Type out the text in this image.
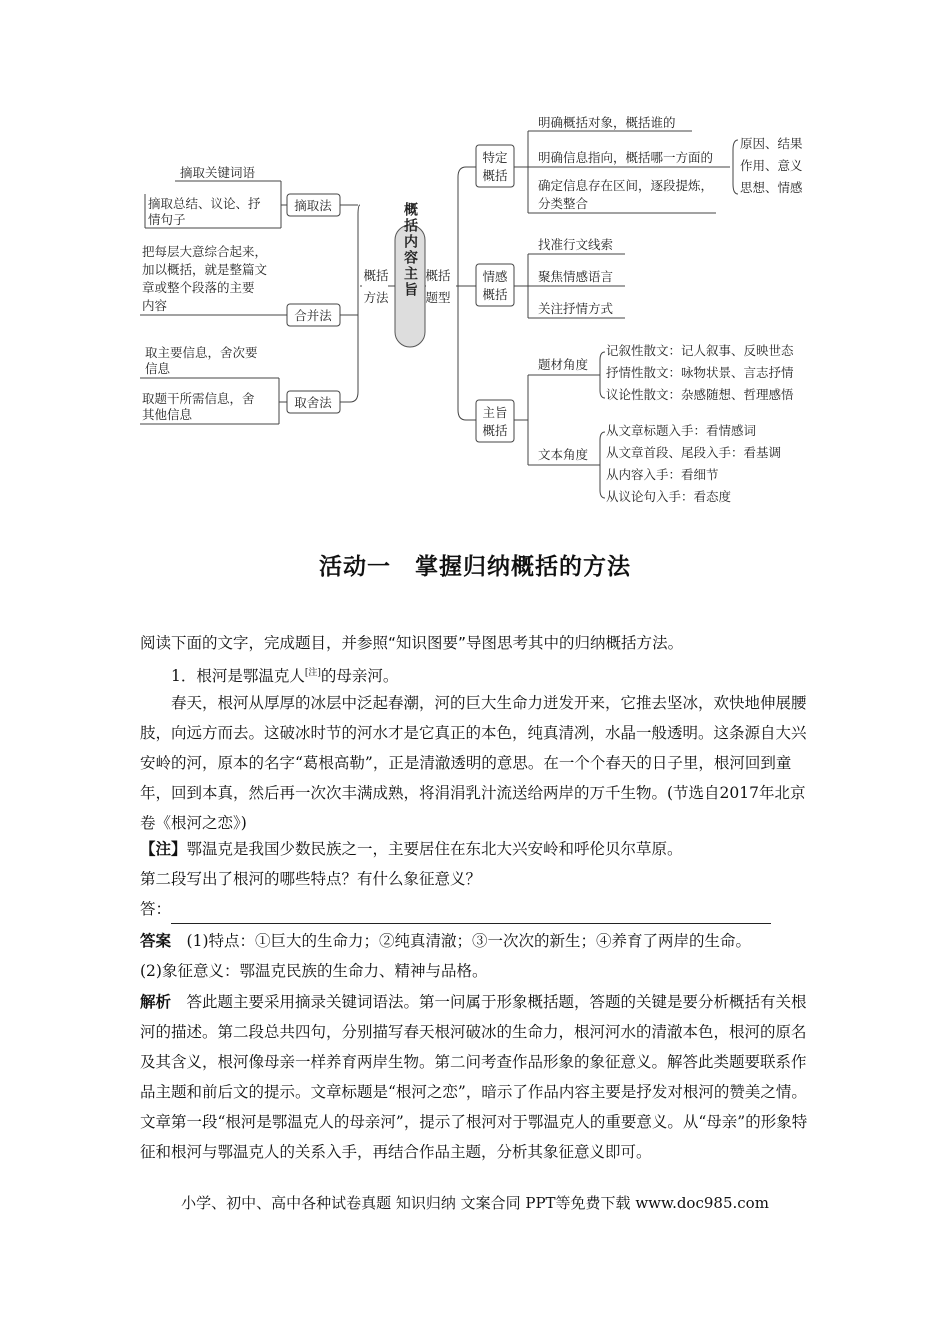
概括内容主旨
概括
方法
摘取法
合并法
取舍法
摘取关键词语
摘取总结、议论、抒
情句子
把每层大意综合起来，
加以概括，就是整篇文
章或整个段落的主要
内容
取主要信息，舍次要
信息
取题干所需信息，舍
其他信息
概括
题型
特定
概括
情感
概括
主旨
概括
明确概括对象，概括谁的
明确信息指向，概括哪一方面的
确定信息存在区间，逐段提炼，
分类整合
原因、结果
作用、意义
思想、情感
找准行文线索
聚焦情感语言
关注抒情方式
题材角度
文本角度
记叙性散文：记人叙事、反映世态
抒情性散文：咏物状景、言志抒情
议论性散文：杂感随想、哲理感悟
从文章标题入手：看情感词
从文章首段、尾段入手：看基调
从内容入手：看细节
从议论句入手：看态度
活动一　掌握归纳概括的方法

阅读下面的文字，完成题目，并参照“知识图要”导图思考其中的归纳概括方法。

1．根河是鄂温克人[注]的母亲河。

春天，根河从厚厚的冰层中泛起春潮，河的巨大生命力迸发开来，它推去坚冰，欢快地伸展腰肢，向远方而去。这破冰时节的河水才是它真正的本色，纯真清冽，水晶一般透明。这条源自大兴安岭的河，原本的名字“葛根高勒”，正是清澈透明的意思。在一个个春天的日子里，根河回到童年，回到本真，然后再一次次丰满成熟，将涓涓乳汁流送给两岸的万千生物。(节选自2017年北京卷《根河之恋》)

【注】鄂温克是我国少数民族之一，主要居住在东北大兴安岭和呼伦贝尔草原。

第二段写出了根河的哪些特点？有什么象征意义？

答：

答案　 (1)特点：①巨大的生命力；②纯真清澈；③一次次的新生；④养育了两岸的生命。

(2)象征意义：鄂温克民族的生命力、精神与品格。

解析　 答此题主要采用摘录关键词语法。第一问属于形象概括题，答题的关键是要分析概括有关根河的描述。第二段总共四句，分别描写春天根河破冰的生命力，根河河水的清澈本色，根河的原名及其含义，根河像母亲一样养育两岸生物。第二问考查作品形象的象征意义。解答此类题要联系作品主题和前后文的提示。文章标题是“根河之恋”，暗示了作品内容主要是抒发对根河的赞美之情。文章第一段“根河是鄂温克人的母亲河”，提示了根河对于鄂温克人的重要意义。从“母亲”的形象特征和根河与鄂温克人的关系入手，再结合作品主题，分析其象征意义即可。

小学、初中、高中各种试卷真题 知识归纳 文案合同 PPT等免费下载 www.doc985.com
